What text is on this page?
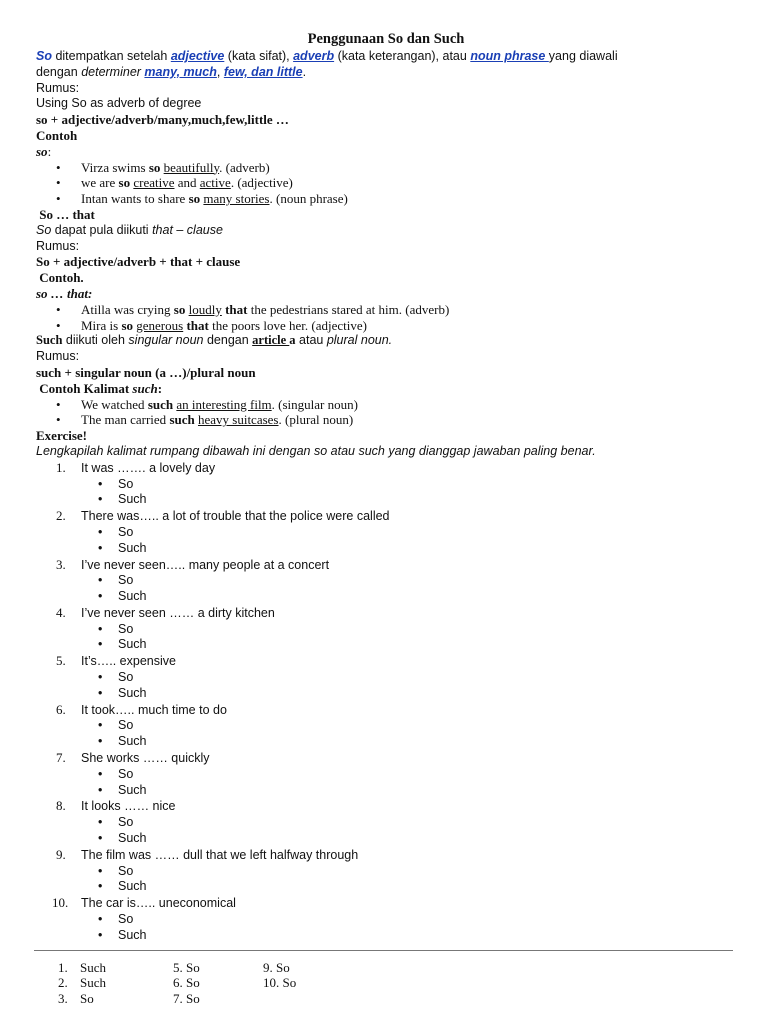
Penggunaan So dan Such

So ditempatkan setelah adjective (kata sifat), adverb (kata keterangan), atau noun phrase yang diawali

dengan determiner many, much, few, dan little.

Rumus:

Using So as adverb of degree

so + adjective/adverb/many,much,few,little …

Contoh

so:

• Virza swims so beautifully. (adverb)
• we are so creative and active. (adjective)
• Intan wants to share so many stories. (noun phrase)

So … that

So dapat pula diikuti that – clause

Rumus:

So + adjective/adverb + that + clause

Contoh.

so … that:

• Atilla was crying so loudly that the pedestrians stared at him. (adverb)
• Mira is so generous that the poors love her. (adjective)

Such diikuti oleh singular noun dengan article a atau plural noun.

Rumus:

such + singular noun (a …)/plural noun

Contoh Kalimat such:

• We watched such an interesting film. (singular noun)
• The man carried such heavy suitcases. (plural noun)

Exercise!

Lengkapilah kalimat rumpang dibawah ini dengan so atau such yang dianggap jawaban paling benar.

1. It was ……. a lovely day
• So
• Such
2. There was….. a lot of trouble that the police were called
• So
• Such
3. I’ve never seen….. many people at a concert
• So
• Such
4. I’ve never seen …… a dirty kitchen
• So
• Such
5. It’s….. expensive
• So
• Such
6. It took….. much time to do
• So
• Such
7. She works …… quickly
• So
• Such
8. It looks …… nice
• So
• Such
9. The film was …… dull that we left halfway through
• So
• Such
10. The car is….. uneconomical
• So
• Such
1. Such	5. So	9. So
2. Such	6. So	10. So
3. So	7. So
